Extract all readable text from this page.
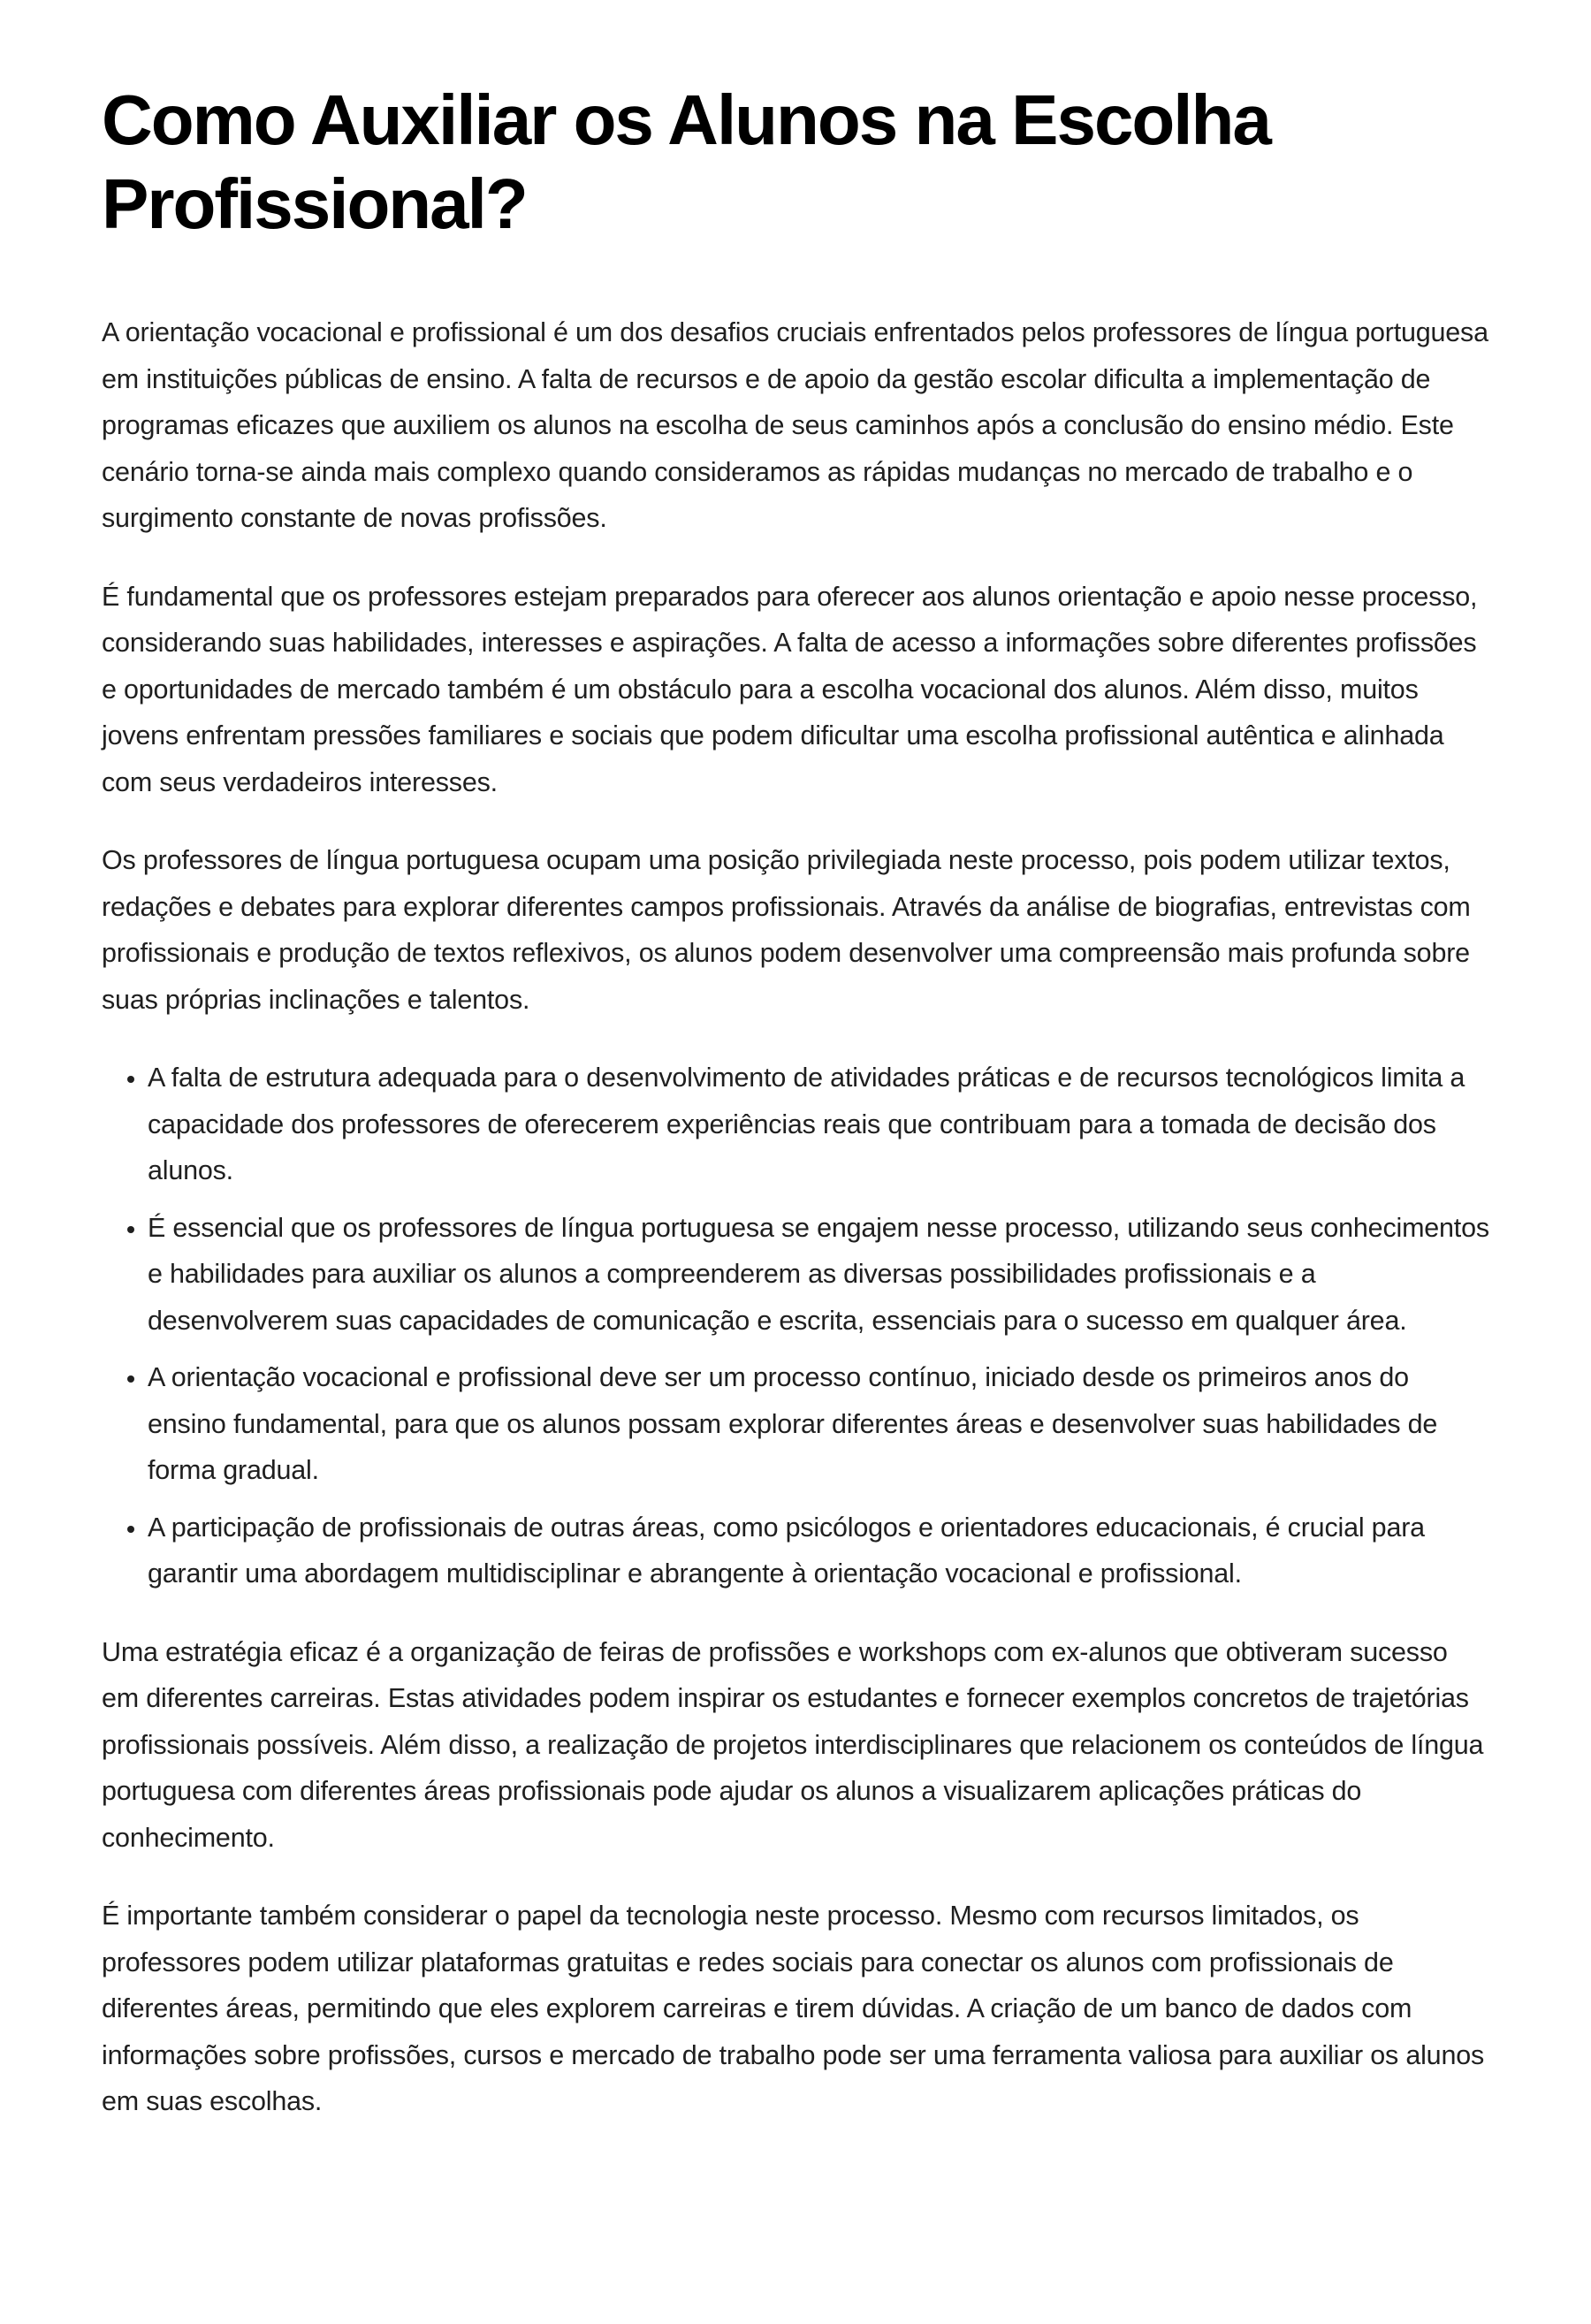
Como Auxiliar os Alunos na Escolha Profissional?

A orientação vocacional e profissional é um dos desafios cruciais enfrentados pelos professores de língua portuguesa em instituições públicas de ensino. A falta de recursos e de apoio da gestão escolar dificulta a implementação de programas eficazes que auxiliem os alunos na escolha de seus caminhos após a conclusão do ensino médio. Este cenário torna-se ainda mais complexo quando consideramos as rápidas mudanças no mercado de trabalho e o surgimento constante de novas profissões.

É fundamental que os professores estejam preparados para oferecer aos alunos orientação e apoio nesse processo, considerando suas habilidades, interesses e aspirações. A falta de acesso a informações sobre diferentes profissões e oportunidades de mercado também é um obstáculo para a escolha vocacional dos alunos. Além disso, muitos jovens enfrentam pressões familiares e sociais que podem dificultar uma escolha profissional autêntica e alinhada com seus verdadeiros interesses.

Os professores de língua portuguesa ocupam uma posição privilegiada neste processo, pois podem utilizar textos, redações e debates para explorar diferentes campos profissionais. Através da análise de biografias, entrevistas com profissionais e produção de textos reflexivos, os alunos podem desenvolver uma compreensão mais profunda sobre suas próprias inclinações e talentos.

• A falta de estrutura adequada para o desenvolvimento de atividades práticas e de recursos tecnológicos limita a capacidade dos professores de oferecerem experiências reais que contribuam para a tomada de decisão dos alunos.
• É essencial que os professores de língua portuguesa se engajem nesse processo, utilizando seus conhecimentos e habilidades para auxiliar os alunos a compreenderem as diversas possibilidades profissionais e a desenvolverem suas capacidades de comunicação e escrita, essenciais para o sucesso em qualquer área.
• A orientação vocacional e profissional deve ser um processo contínuo, iniciado desde os primeiros anos do ensino fundamental, para que os alunos possam explorar diferentes áreas e desenvolver suas habilidades de forma gradual.
• A participação de profissionais de outras áreas, como psicólogos e orientadores educacionais, é crucial para garantir uma abordagem multidisciplinar e abrangente à orientação vocacional e profissional.

Uma estratégia eficaz é a organização de feiras de profissões e workshops com ex-alunos que obtiveram sucesso em diferentes carreiras. Estas atividades podem inspirar os estudantes e fornecer exemplos concretos de trajetórias profissionais possíveis. Além disso, a realização de projetos interdisciplinares que relacionem os conteúdos de língua portuguesa com diferentes áreas profissionais pode ajudar os alunos a visualizarem aplicações práticas do conhecimento.

É importante também considerar o papel da tecnologia neste processo. Mesmo com recursos limitados, os professores podem utilizar plataformas gratuitas e redes sociais para conectar os alunos com profissionais de diferentes áreas, permitindo que eles explorem carreiras e tirem dúvidas. A criação de um banco de dados com informações sobre profissões, cursos e mercado de trabalho pode ser uma ferramenta valiosa para auxiliar os alunos em suas escolhas.
